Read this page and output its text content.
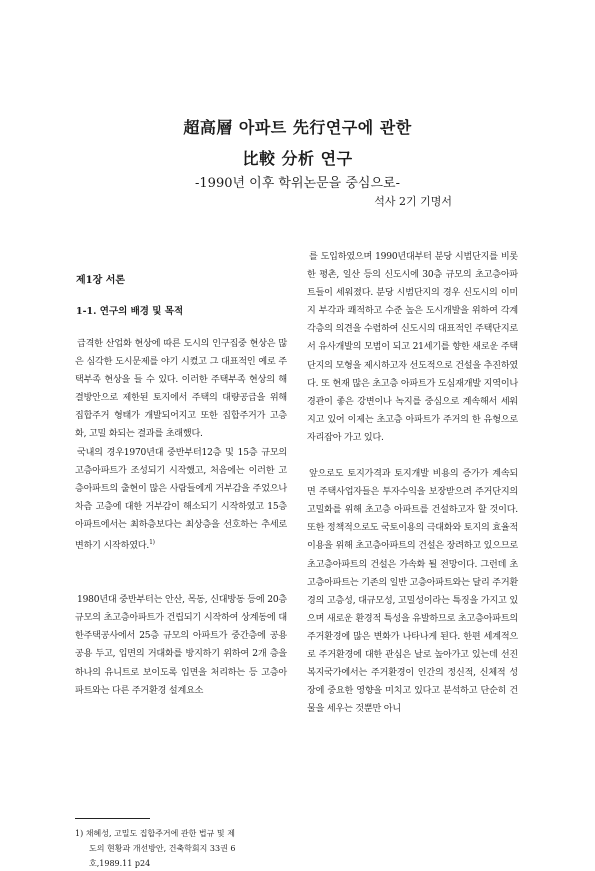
超高層 아파트 先行연구에 관한
比較 分析 연구
-1990년 이후 학위논문을 중심으로-
석사 2기 기명서
제1장 서론
1-1. 연구의 배경 및 목적
급격한 산업화 현상에 따른 도시의 인구집중 현상은 많은 심각한 도시문제를 야기 시켰고 그 대표적인 예로 주택부족 현상을 들 수 있다. 이러한 주택부족 현상의 해결방안으로 제한된 토지에서 주택의 대량공급을 위해 집합주거 형태가 개발되어지고 또한 집합주거가 고층화, 고밀 화되는 결과를 초래했다.
국내의 경우1970년대 중반부터12층 및 15층 규모의 고층아파트가 조성되기 시작했고, 처음에는 이러한 고층아파트의 출현이 많은 사람들에게 거부감을 주었으나 차츰 고층에 대한 거부감이 해소되기 시작하였고 15층 아파트에서는 최하층보다는 최상층을 선호하는 추세로 변하기 시작하였다.$^{1)}$
1980년대 중반부터는 안산, 목동, 신대방동 등에 20층 규모의 초고층아파트가 건립되기 시작하여 상계동에 대한주택공사에서 25층 규모의 아파트가 중간층에 공용 공용 두고, 입면의 거대화를 방지하기 위하여 2개 층을 하나의 유니트로 보이도록 입면을 처리하는 등 고층아파트와는 다른 주거환경 설계요소
를 도입하였으며 1990년대부터 분당 시범단지를 비롯한 평촌, 일산 등의 신도시에 30층 규모의 초고층아파트들이 세워졌다. 분당 시범단지의 경우 신도시의 이미지 부각과 쾌적하고 수준 높은 도시개발을 위하여 각계 각층의 의견을 수렴하여 신도시의 대표적인 주택단지로서 유사개발의 모범이 되고 21세기를 향한 새로운 주택단지의 모형을 제시하고자 선도적으로 건설을 추진하였다. 또 현재 많은 초고층 아파트가 도심재개발 지역이나 경관이 좋은 강변이나 녹지를 중심으로 계속해서 세워지고 있어 이제는 초고층 아파트가 주거의 한 유형으로 자리잡아 가고 있다.
앞으로도 토지가격과 토지개발 비용의 증가가 계속되면 주택사업자들은 투자수익을 보장받으려 주거단지의 고밀화를 위해 초고층 아파트를 건설하고자 할 것이다. 또한 정책적으로도 국토이용의 극대화와 토지의 효율적 이용을 위해 초고층아파트의 건설은 장려하고 있으므로 초고층아파트의 건설은 가속화 될 전망이다. 그런데 초고층아파트는 기존의 일반 고층아파트와는 달리 주거환경의 고층성, 대규모성, 고밀성이라는 특징을 가지고 있으며 새로운 환경적 특성을 유발하므로 초고층아파트의 주거환경에 많은 변화가 나타나게 된다. 한편 세계적으로 주거환경에 대한 관심은 날로 높아가고 있는데 선진 복지국가에서는 주거환경이 인간의 정신적, 신체적 성장에 중요한 영향을 미치고 있다고 분석하고 단순히 건물을 세우는 것뿐만 아니
1) 채혜성, 고밀도 집합주거에 관한 법규 및 제
도의 현황과 개선방안, 건축학회지 33권 6
호,1989.11 p24
